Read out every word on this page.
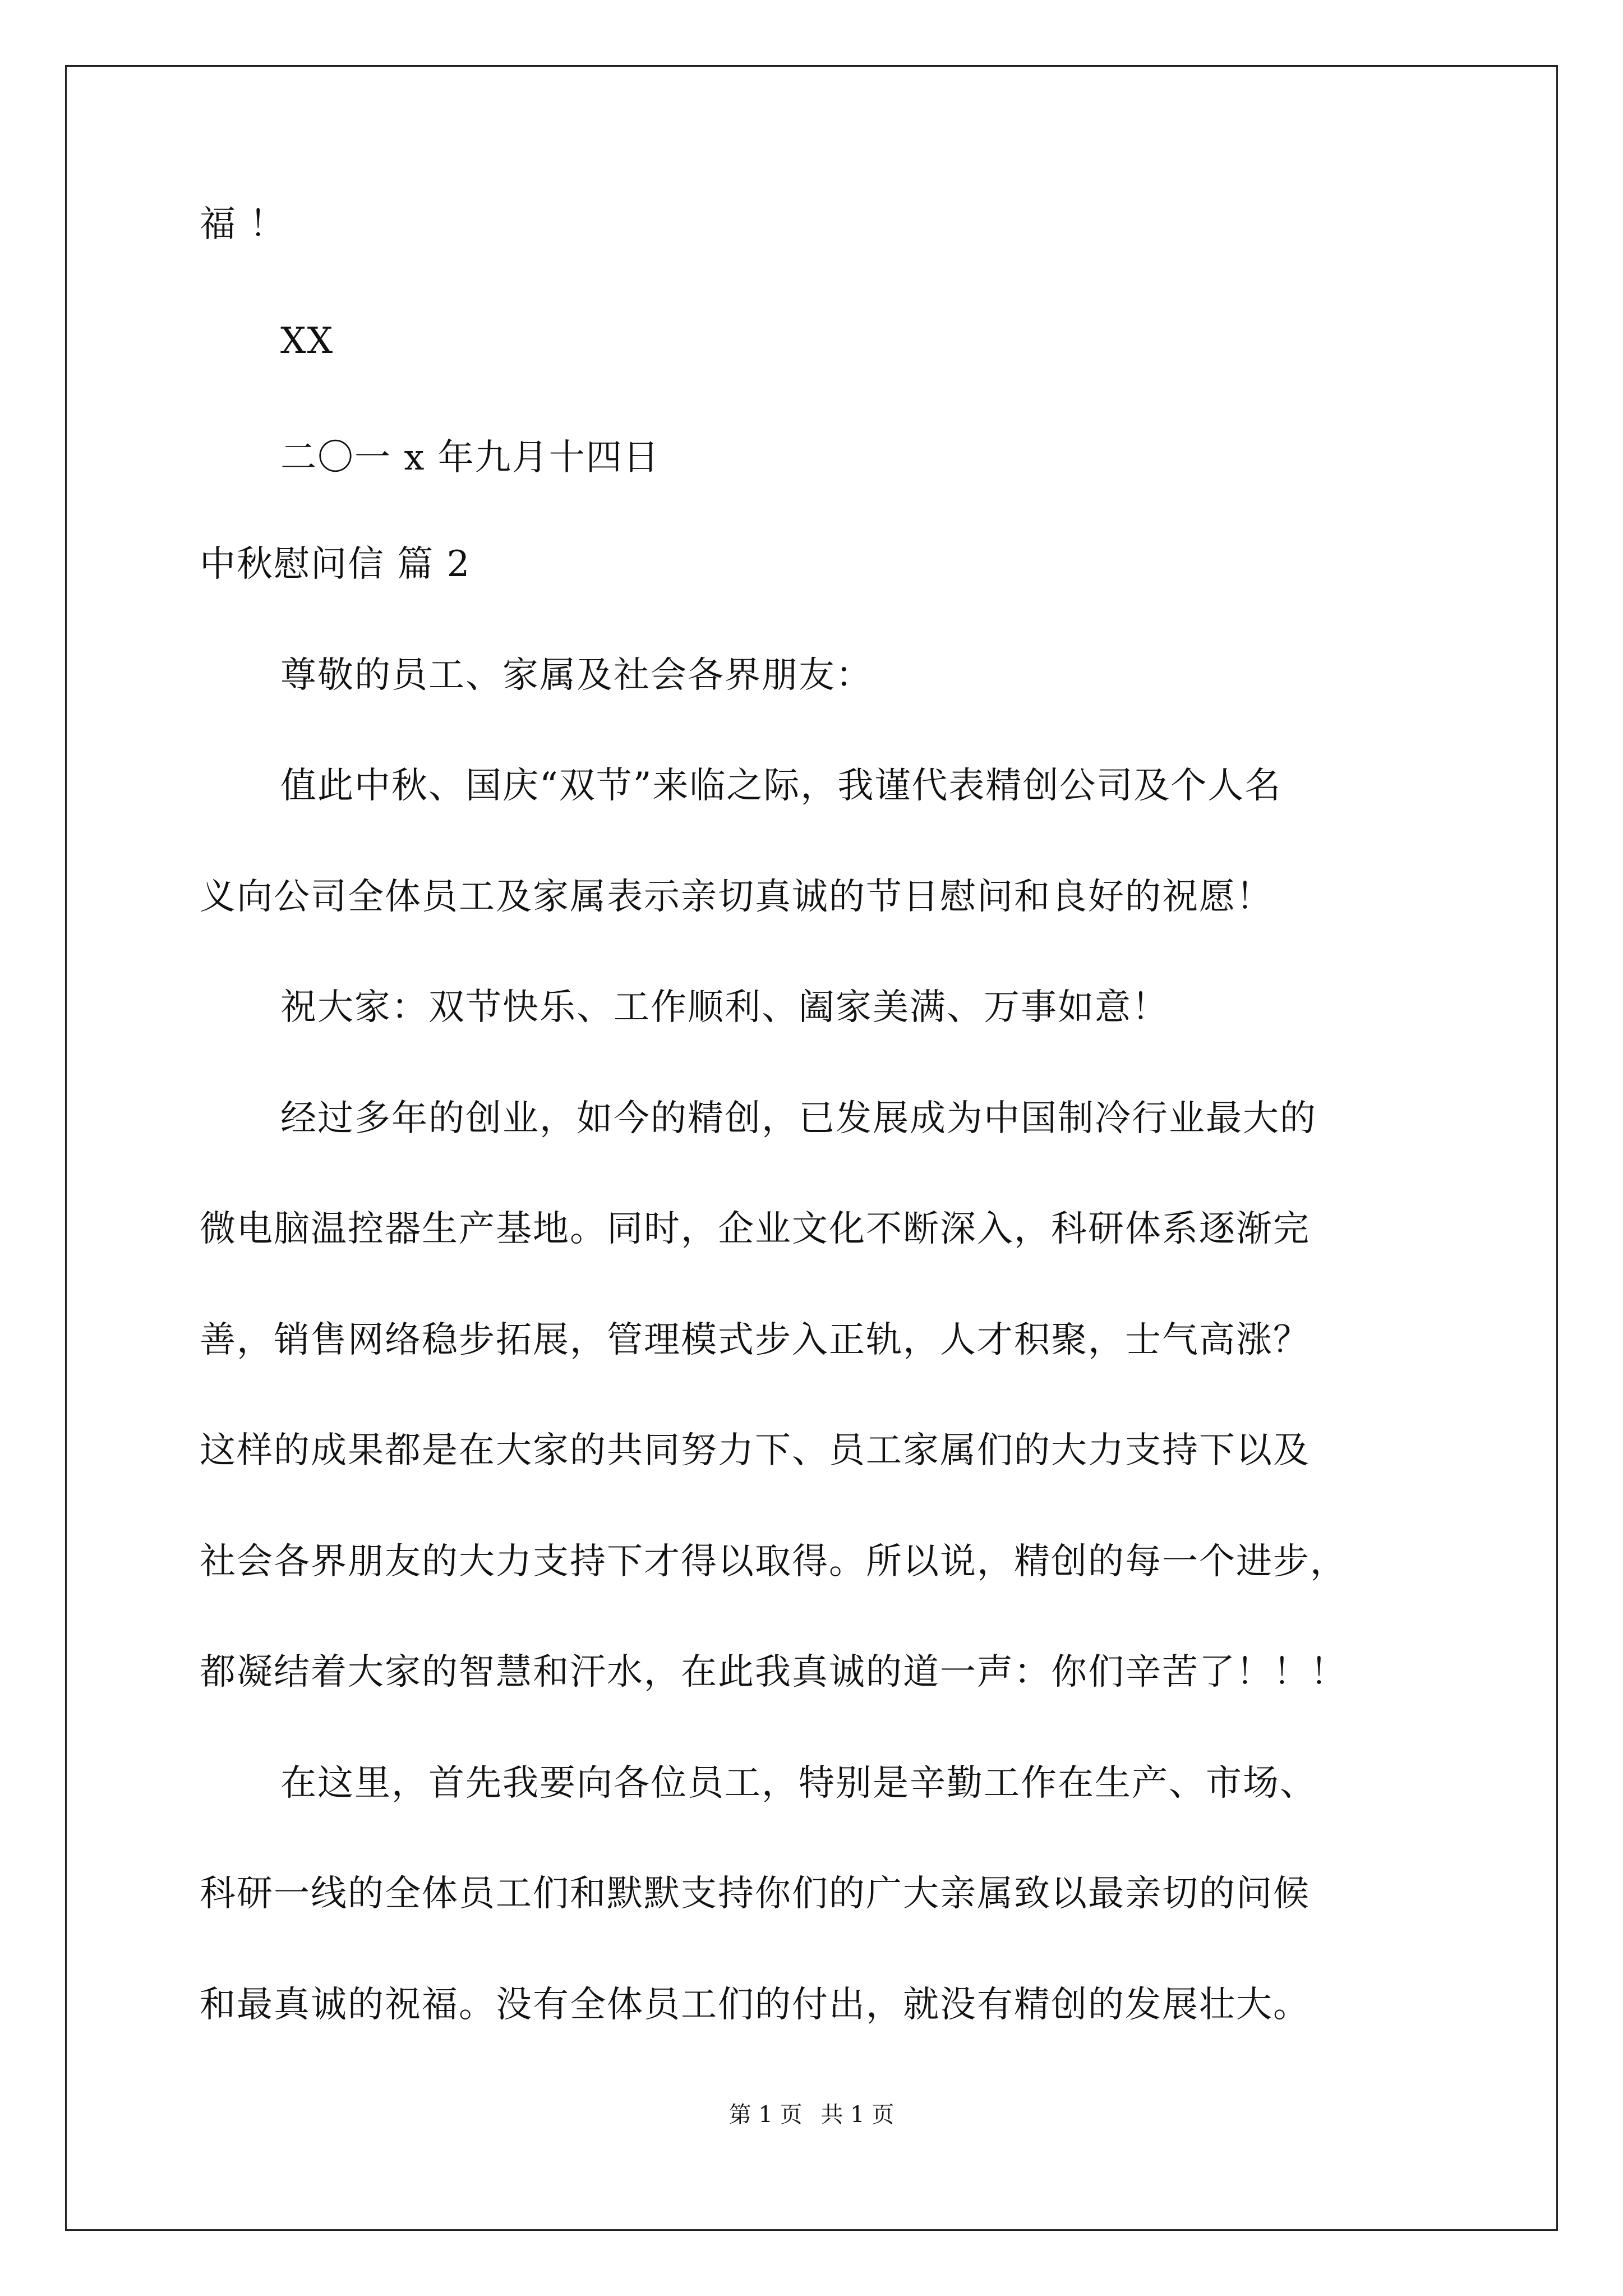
福 ！
XX
二〇一 x 年九月十四日
中秋慰问信 篇 2
尊敬的员工、家属及社会各界朋友：
值此中秋、国庆“双节”来临之际，我谨代表精创公司及个人名
义向公司全体员工及家属表示亲切真诚的节日慰问和良好的祝愿！
祝大家：双节快乐、工作顺利、阖家美满、万事如意！
经过多年的创业，如今的精创，已发展成为中国制冷行业最大的
微电脑温控器生产基地。同时，企业文化不断深入，科研体系逐渐完
善，销售网络稳步拓展，管理模式步入正轨，人才积聚，士气高涨？
这样的成果都是在大家的共同努力下、员工家属们的大力支持下以及
社会各界朋友的大力支持下才得以取得。所以说，精创的每一个进步，
都凝结着大家的智慧和汗水，在此我真诚的道一声：你们辛苦了！！！
在这里，首先我要向各位员工，特别是辛勤工作在生产、市场、
科研一线的全体员工们和默默支持你们的广大亲属致以最亲切的问候
和最真诚的祝福。没有全体员工们的付出，就没有精创的发展壮大。
第 1 页 共 1 页
